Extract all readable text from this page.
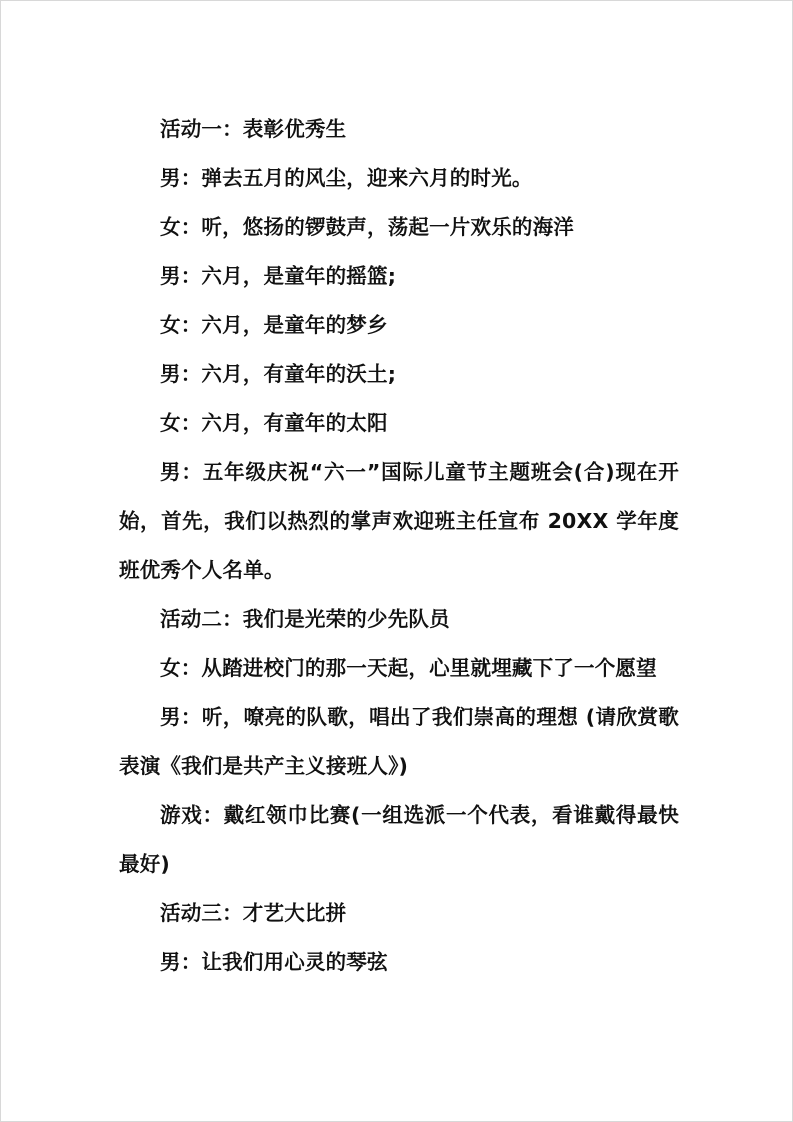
活动一：表彰优秀生

男：弹去五月的风尘，迎来六月的时光。

女：听，悠扬的锣鼓声，荡起一片欢乐的海洋

男：六月，是童年的摇篮;

女：六月，是童年的梦乡

男：六月，有童年的沃土;

女：六月，有童年的太阳

男：五年级庆祝“六一”国际儿童节主题班会(合)现在开始，首先，我们以热烈的掌声欢迎班主任宣布 20XX 学年度班优秀个人名单。

活动二：我们是光荣的少先队员

女：从踏进校门的那一天起，心里就埋藏下了一个愿望

男：听，嘹亮的队歌，唱出了我们崇高的理想 (请欣赏歌表演《我们是共产主义接班人》)

游戏：戴红领巾比赛(一组选派一个代表，看谁戴得最快最好)

活动三：才艺大比拼

男：让我们用心灵的琴弦
